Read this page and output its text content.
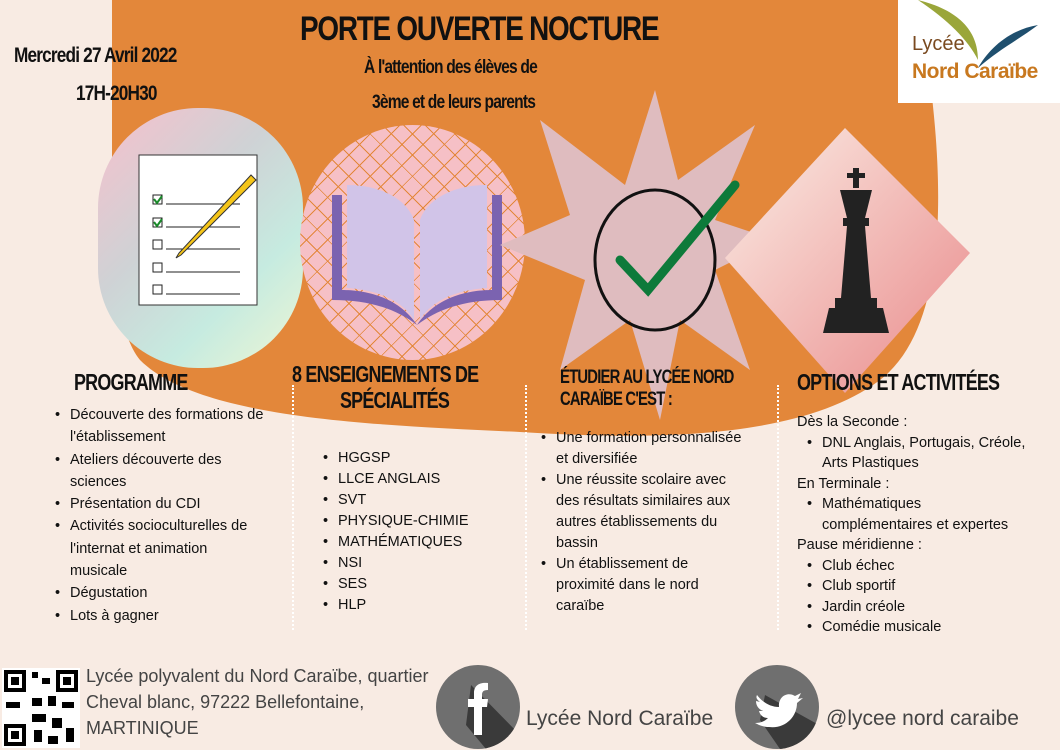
PORTE OUVERTE NOCTURE
Mercredi 27 Avril 2022
17H-20H30
À l'attention des élèves de
3ème et de leurs parents
Lycée
Nord Caraïbe
PROGRAMME
• Découverte des formations de l'établissement
• Ateliers découverte des sciences
• Présentation du CDI
• Activités socioculturelles de l'internat et animation musicale
• Dégustation
• Lots à gagner
8 ENSEIGNEMENTS DE
SPÉCIALITÉS
• HGGSP
• LLCE ANGLAIS
• SVT
• PHYSIQUE-CHIMIE
• MATHÉMATIQUES
• NSI
• SES
• HLP
ÉTUDIER AU LYCÉE NORD
CARAÏBE C'EST :
• Une formation personnalisée et diversifiée
• Une réussite scolaire avec des résultats similaires aux autres établissements du bassin
• Un établissement de proximité dans le nord caraïbe
OPTIONS ET ACTIVITÉES
Dès la Seconde :
• DNL Anglais, Portugais, Créole, Arts Plastiques
En Terminale :
• Mathématiques complémentaires et expertes
Pause méridienne :
• Club échec
• Club sportif
• Jardin créole
• Comédie musicale
Lycée polyvalent du Nord Caraïbe, quartier
Cheval blanc, 97222 Bellefontaine,
MARTINIQUE	Lycée Nord Caraïbe	@lycee nord caraibe
